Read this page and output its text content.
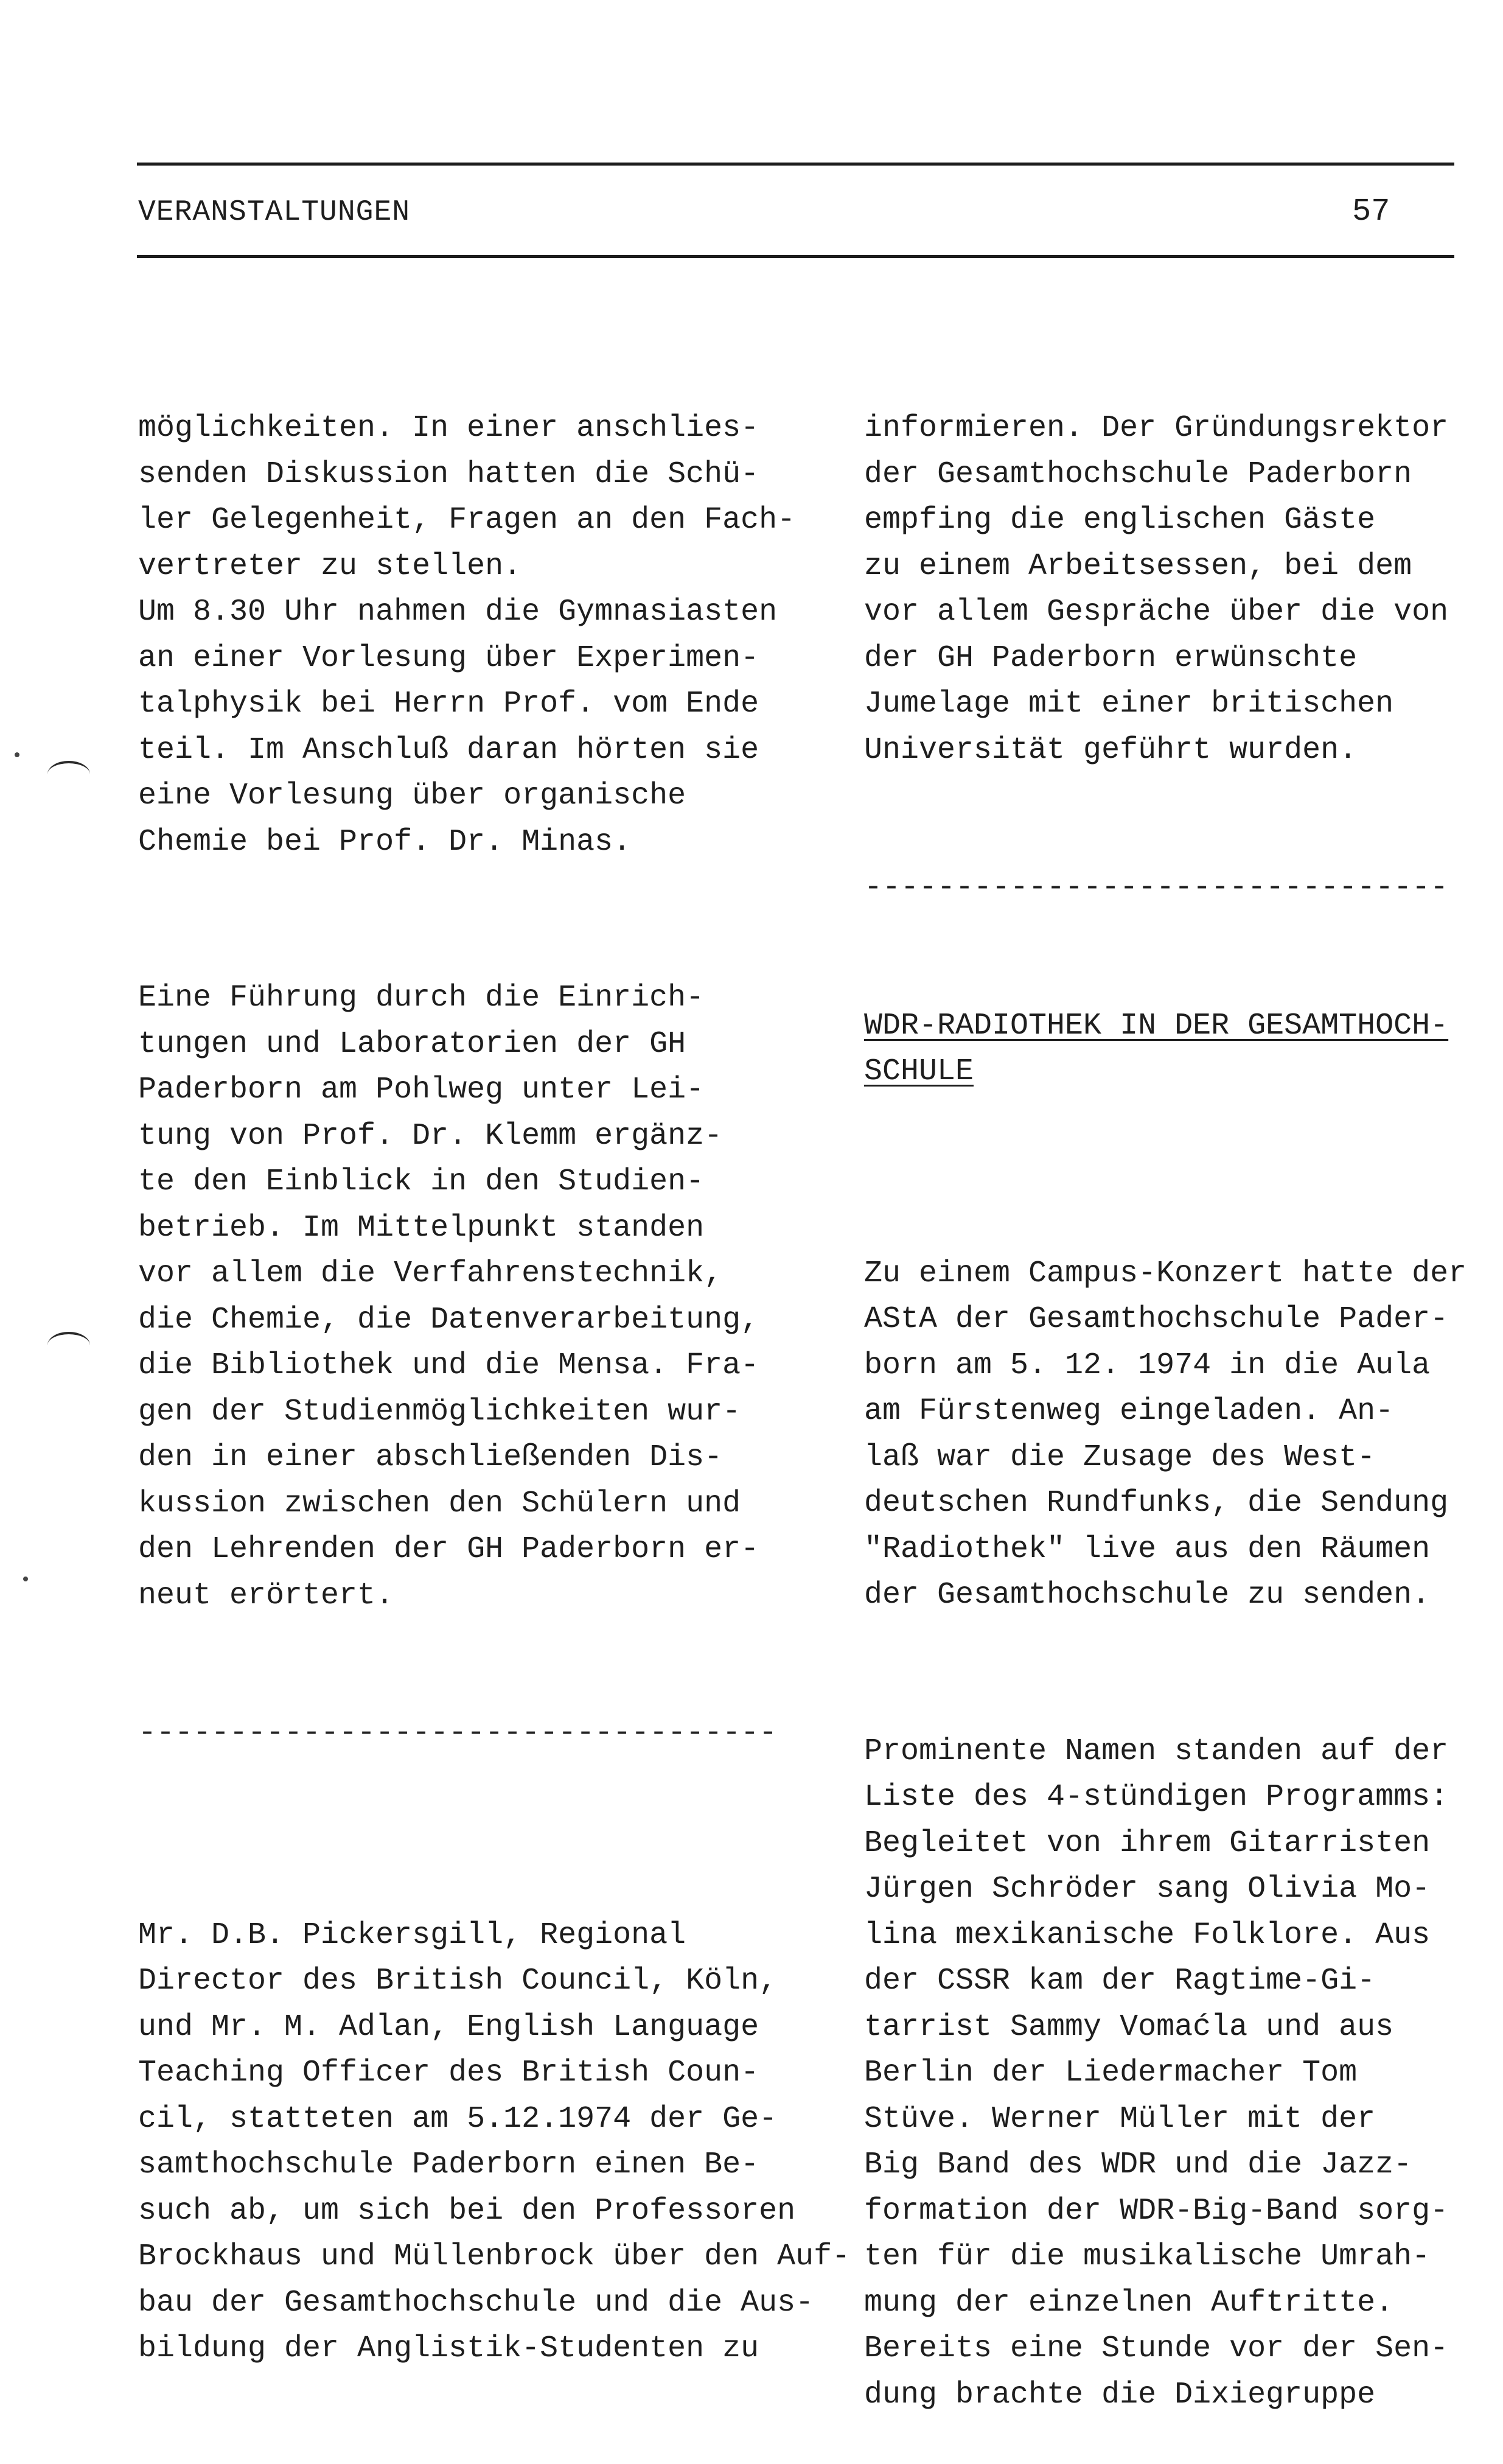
VERANSTALTUNGEN	57

möglichkeiten. In einer anschlies-
senden Diskussion hatten die Schü-
ler Gelegenheit, Fragen an den Fach-
vertreter zu stellen.
Um 8.30 Uhr nahmen die Gymnasiasten
an einer Vorlesung über Experimen-
talphysik bei Herrn Prof. vom Ende
teil. Im Anschluß daran hörten sie
eine Vorlesung über organische
Chemie bei Prof. Dr. Minas.

Eine Führung durch die Einrich-
tungen und Laboratorien der GH
Paderborn am Pohlweg unter Lei-
tung von Prof. Dr. Klemm ergänz-
te den Einblick in den Studien-
betrieb. Im Mittelpunkt standen
vor allem die Verfahrenstechnik,
die Chemie, die Datenverarbeitung,
die Bibliothek und die Mensa. Fra-
gen der Studienmöglichkeiten wur-
den in einer abschließenden Dis-
kussion zwischen den Schülern und
den Lehrenden der GH Paderborn er-
neut erörtert.

-----------------------------------

Mr. D.B. Pickersgill, Regional
Director des British Council, Köln,
und Mr. M. Adlan, English Language
Teaching Officer des British Coun-
cil, statteten am 5.12.1974 der Ge-
samthochschule Paderborn einen Be-
such ab, um sich bei den Professoren
Brockhaus und Müllenbrock über den Auf-
bau der Gesamthochschule und die Aus-
bildung der Anglistik-Studenten zu

informieren. Der Gründungsrektor
der Gesamthochschule Paderborn
empfing die englischen Gäste
zu einem Arbeitsessen, bei dem
vor allem Gespräche über die von
der GH Paderborn erwünschte
Jumelage mit einer britischen
Universität geführt wurden.

--------------------------------

WDR-RADIOTHEK IN DER GESAMTHOCH-
SCHULE

Zu einem Campus-Konzert hatte der
AStA der Gesamthochschule Pader-
born am 5. 12. 1974 in die Aula
am Fürstenweg eingeladen. An-
laß war die Zusage des West-
deutschen Rundfunks, die Sendung
"Radiothek" live aus den Räumen
der Gesamthochschule zu senden.

Prominente Namen standen auf der
Liste des 4-stündigen Programms:
Begleitet von ihrem Gitarristen
Jürgen Schröder sang Olivia Mo-
lina mexikanische Folklore. Aus
der CSSR kam der Ragtime-Gi-
tarrist Sammy Vomaćla und aus
Berlin der Liedermacher Tom
Stüve. Werner Müller mit der
Big Band des WDR und die Jazz-
formation der WDR-Big-Band sorg-
ten für die musikalische Umrah-
mung der einzelnen Auftritte.
Bereits eine Stunde vor der Sen-
dung brachte die Dixiegruppe
